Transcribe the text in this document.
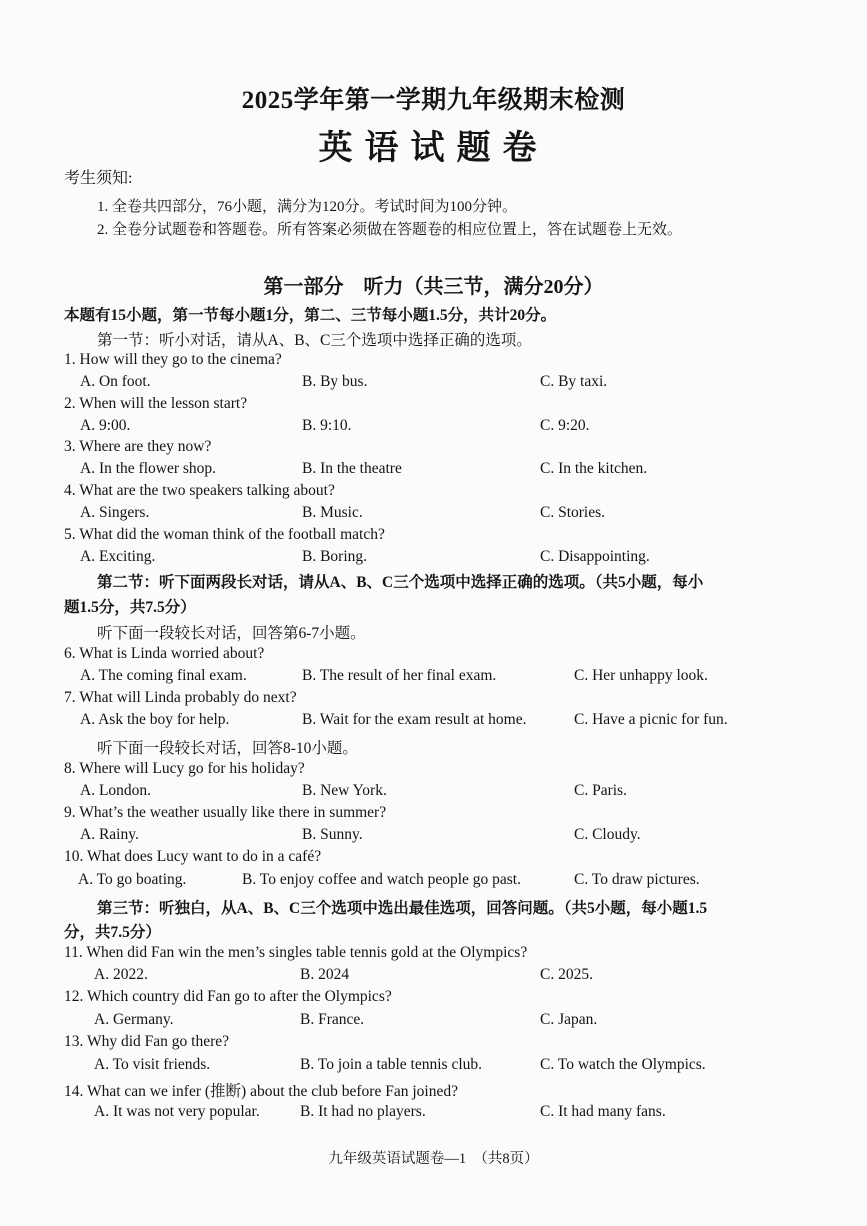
2025学年第一学期九年级期末检测
英语试题卷
考生须知:
1. 全卷共四部分，76小题，满分为120分。考试时间为100分钟。
2. 全卷分试题卷和答题卷。所有答案必须做在答题卷的相应位置上，答在试题卷上无效。
第一部分　听力（共三节，满分20分）
本题有15小题，第一节每小题1分，第二、三节每小题1.5分，共计20分。
第一节：听小对话，请从A、B、C三个选项中选择正确的选项。
1. How will they go to the cinema?
A. On foot.	B. By bus.	C. By taxi.
2. When will the lesson start?
A. 9:00.	B. 9:10.	C. 9:20.
3. Where are they now?
A. In the flower shop.	B. In the theatre	C. In the kitchen.
4. What are the two speakers talking about?
A. Singers.	B. Music.	C. Stories.
5. What did the woman think of the football match?
A. Exciting.	B. Boring.	C. Disappointing.
第二节：听下面两段长对话，请从A、B、C三个选项中选择正确的选项。（共5小题，每小
题1.5分，共7.5分）
听下面一段较长对话，回答第6-7小题。
6. What is Linda worried about?
A. The coming final exam.	B. The result of her final exam.	C. Her unhappy look.
7. What will Linda probably do next?
A. Ask the boy for help.	B. Wait for the exam result at home.	C. Have a picnic for fun.
听下面一段较长对话，回答8-10小题。
8. Where will Lucy go for his holiday?
A. London.	B. New York.	C. Paris.
9. What’s the weather usually like there in summer?
A. Rainy.	B. Sunny.	C. Cloudy.
10. What does Lucy want to do in a café?
A. To go boating.	B. To enjoy coffee and watch people go past.	C. To draw pictures.
第三节：听独白，从A、B、C三个选项中选出最佳选项，回答问题。（共5小题，每小题1.5
分，共7.5分）
11. When did Fan win the men’s singles table tennis gold at the Olympics?
A. 2022.	B. 2024	C. 2025.
12. Which country did Fan go to after the Olympics?
A. Germany.	B. France.	C. Japan.
13. Why did Fan go there?
A. To visit friends.	B. To join a table tennis club.	C. To watch the Olympics.
14. What can we infer (推断) about the club before Fan joined?
A. It was not very popular.	B. It had no players.	C. It had many fans.
九年级英语试题卷—1　（共8页）
